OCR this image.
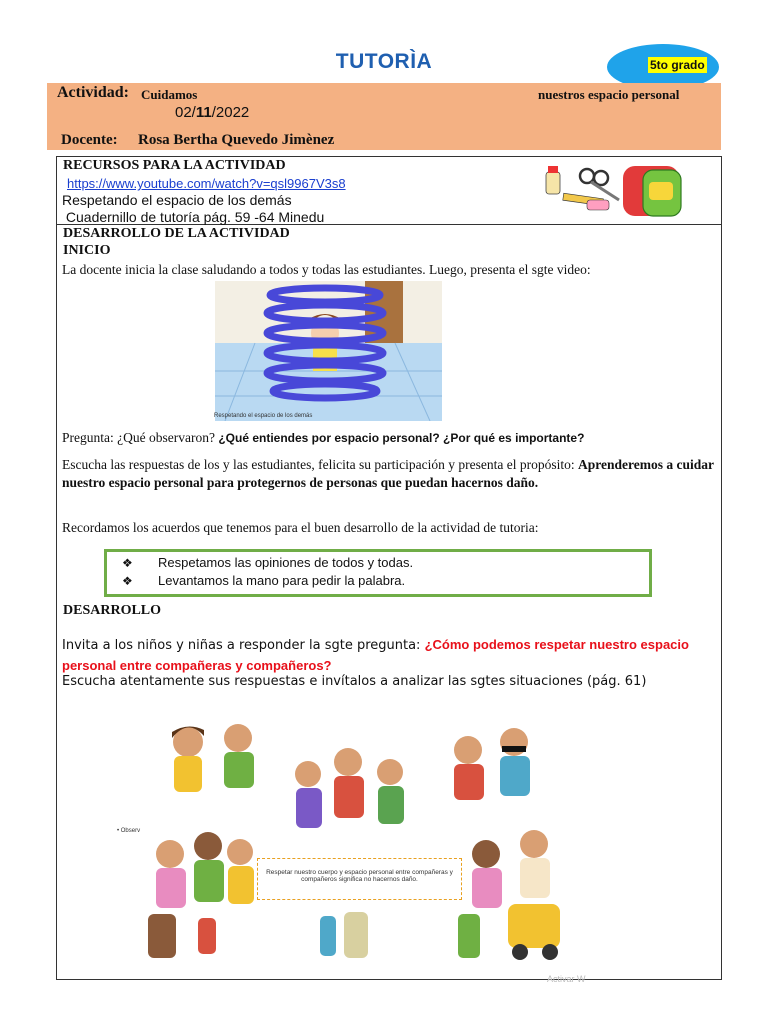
TUTORÌA	5to grado
Actividad: Cuidamos	nuestros espacio personal
02/11/2022
Docente: Rosa Bertha Quevedo Jimènez
RECURSOS PARA LA ACTIVIDAD
https://www.youtube.com/watch?v=qsl9967V3s8
Respetando el espacio de los demás
Cuadernillo de tutoría pág. 59 -64 Minedu
DESARROLLO DE LA ACTIVIDAD
INICIO
La docente inicia la clase saludando a todos y todas las estudiantes. Luego, presenta el sgte video:
Respetando el espacio de los demás
Pregunta: ¿Qué observaron? ¿Qué entiendes por espacio personal? ¿Por qué es importante?
Escucha las respuestas de los y las estudiantes, felicita su participación y presenta el propósito: Aprenderemos a cuidar nuestro espacio personal para protegernos de personas que puedan hacernos daño.
Recordamos los acuerdos que tenemos para el buen desarrollo de la actividad de tutoria:
❖ Respetamos las opiniones de todos y todas.
❖ Levantamos la mano para pedir la palabra.
DESARROLLO
Invita a los niños y niñas a responder la sgte pregunta: ¿Cómo podemos respetar nuestro espacio personal entre compañeras y compañeros?
Escucha atentamente sus respuestas e invítalos a analizar las sgtes situaciones (pág. 61)
• Observ
Respetar nuestro cuerpo y espacio personal entre compañeras y compañeros significa no hacernos daño.
Activar W
